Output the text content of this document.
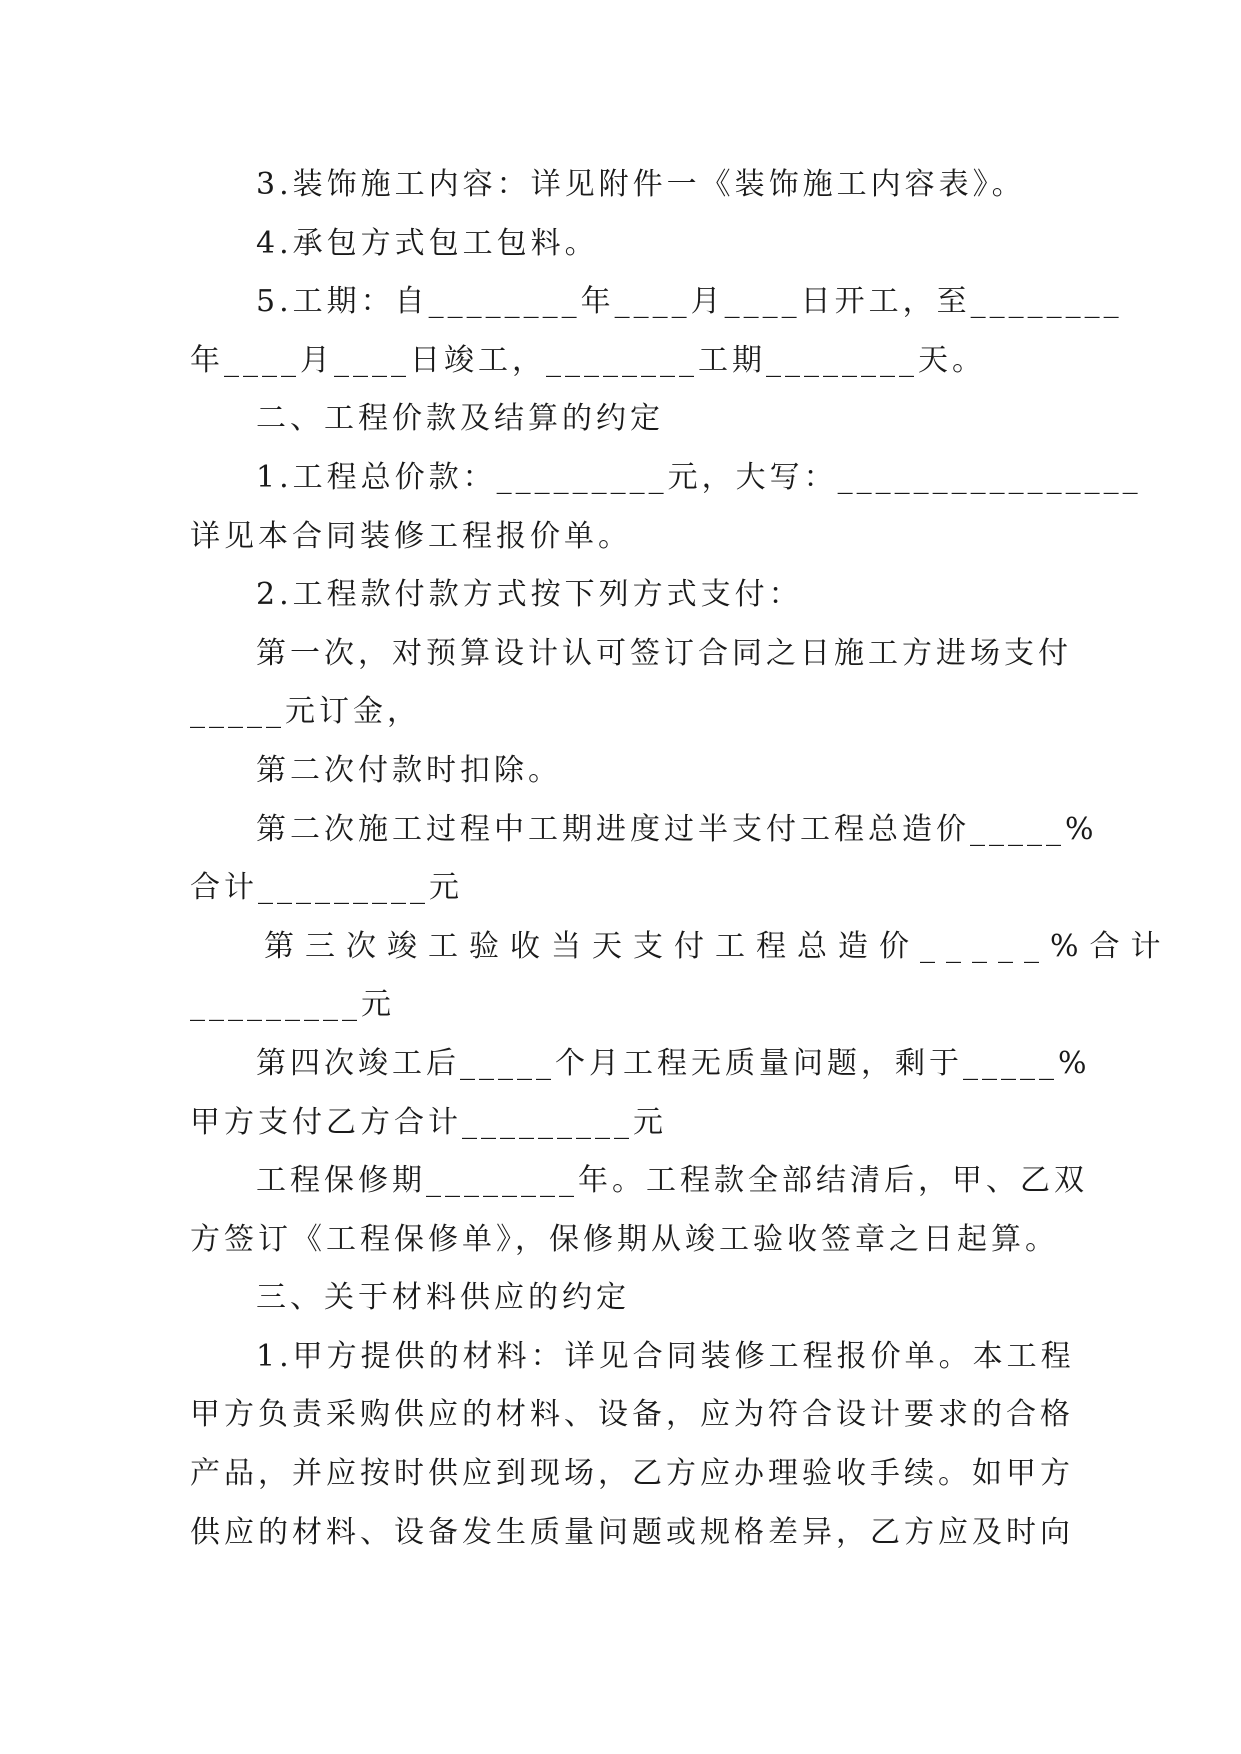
3.装饰施工内容：详见附件一《装饰施工内容表》。
4.承包方式包工包料。
5.工期：自________年____月____日开工，至________
年____月____日竣工，________工期________天。
二、工程价款及结算的约定
1.工程总价款：_________元，大写：________________
详见本合同装修工程报价单。
2.工程款付款方式按下列方式支付：
第一次，对预算设计认可签订合同之日施工方进场支付
_____元订金，
第二次付款时扣除。
第二次施工过程中工期进度过半支付工程总造价_____%
合计_________元
第三次竣工验收当天支付工程总造价_____%合计
_________元
第四次竣工后_____个月工程无质量问题，剩于_____%
甲方支付乙方合计_________元
工程保修期________年。工程款全部结清后，甲、乙双
方签订《工程保修单》，保修期从竣工验收签章之日起算。
三、关于材料供应的约定
1.甲方提供的材料：详见合同装修工程报价单。本工程
甲方负责采购供应的材料、设备，应为符合设计要求的合格
产品，并应按时供应到现场，乙方应办理验收手续。如甲方
供应的材料、设备发生质量问题或规格差异，乙方应及时向
